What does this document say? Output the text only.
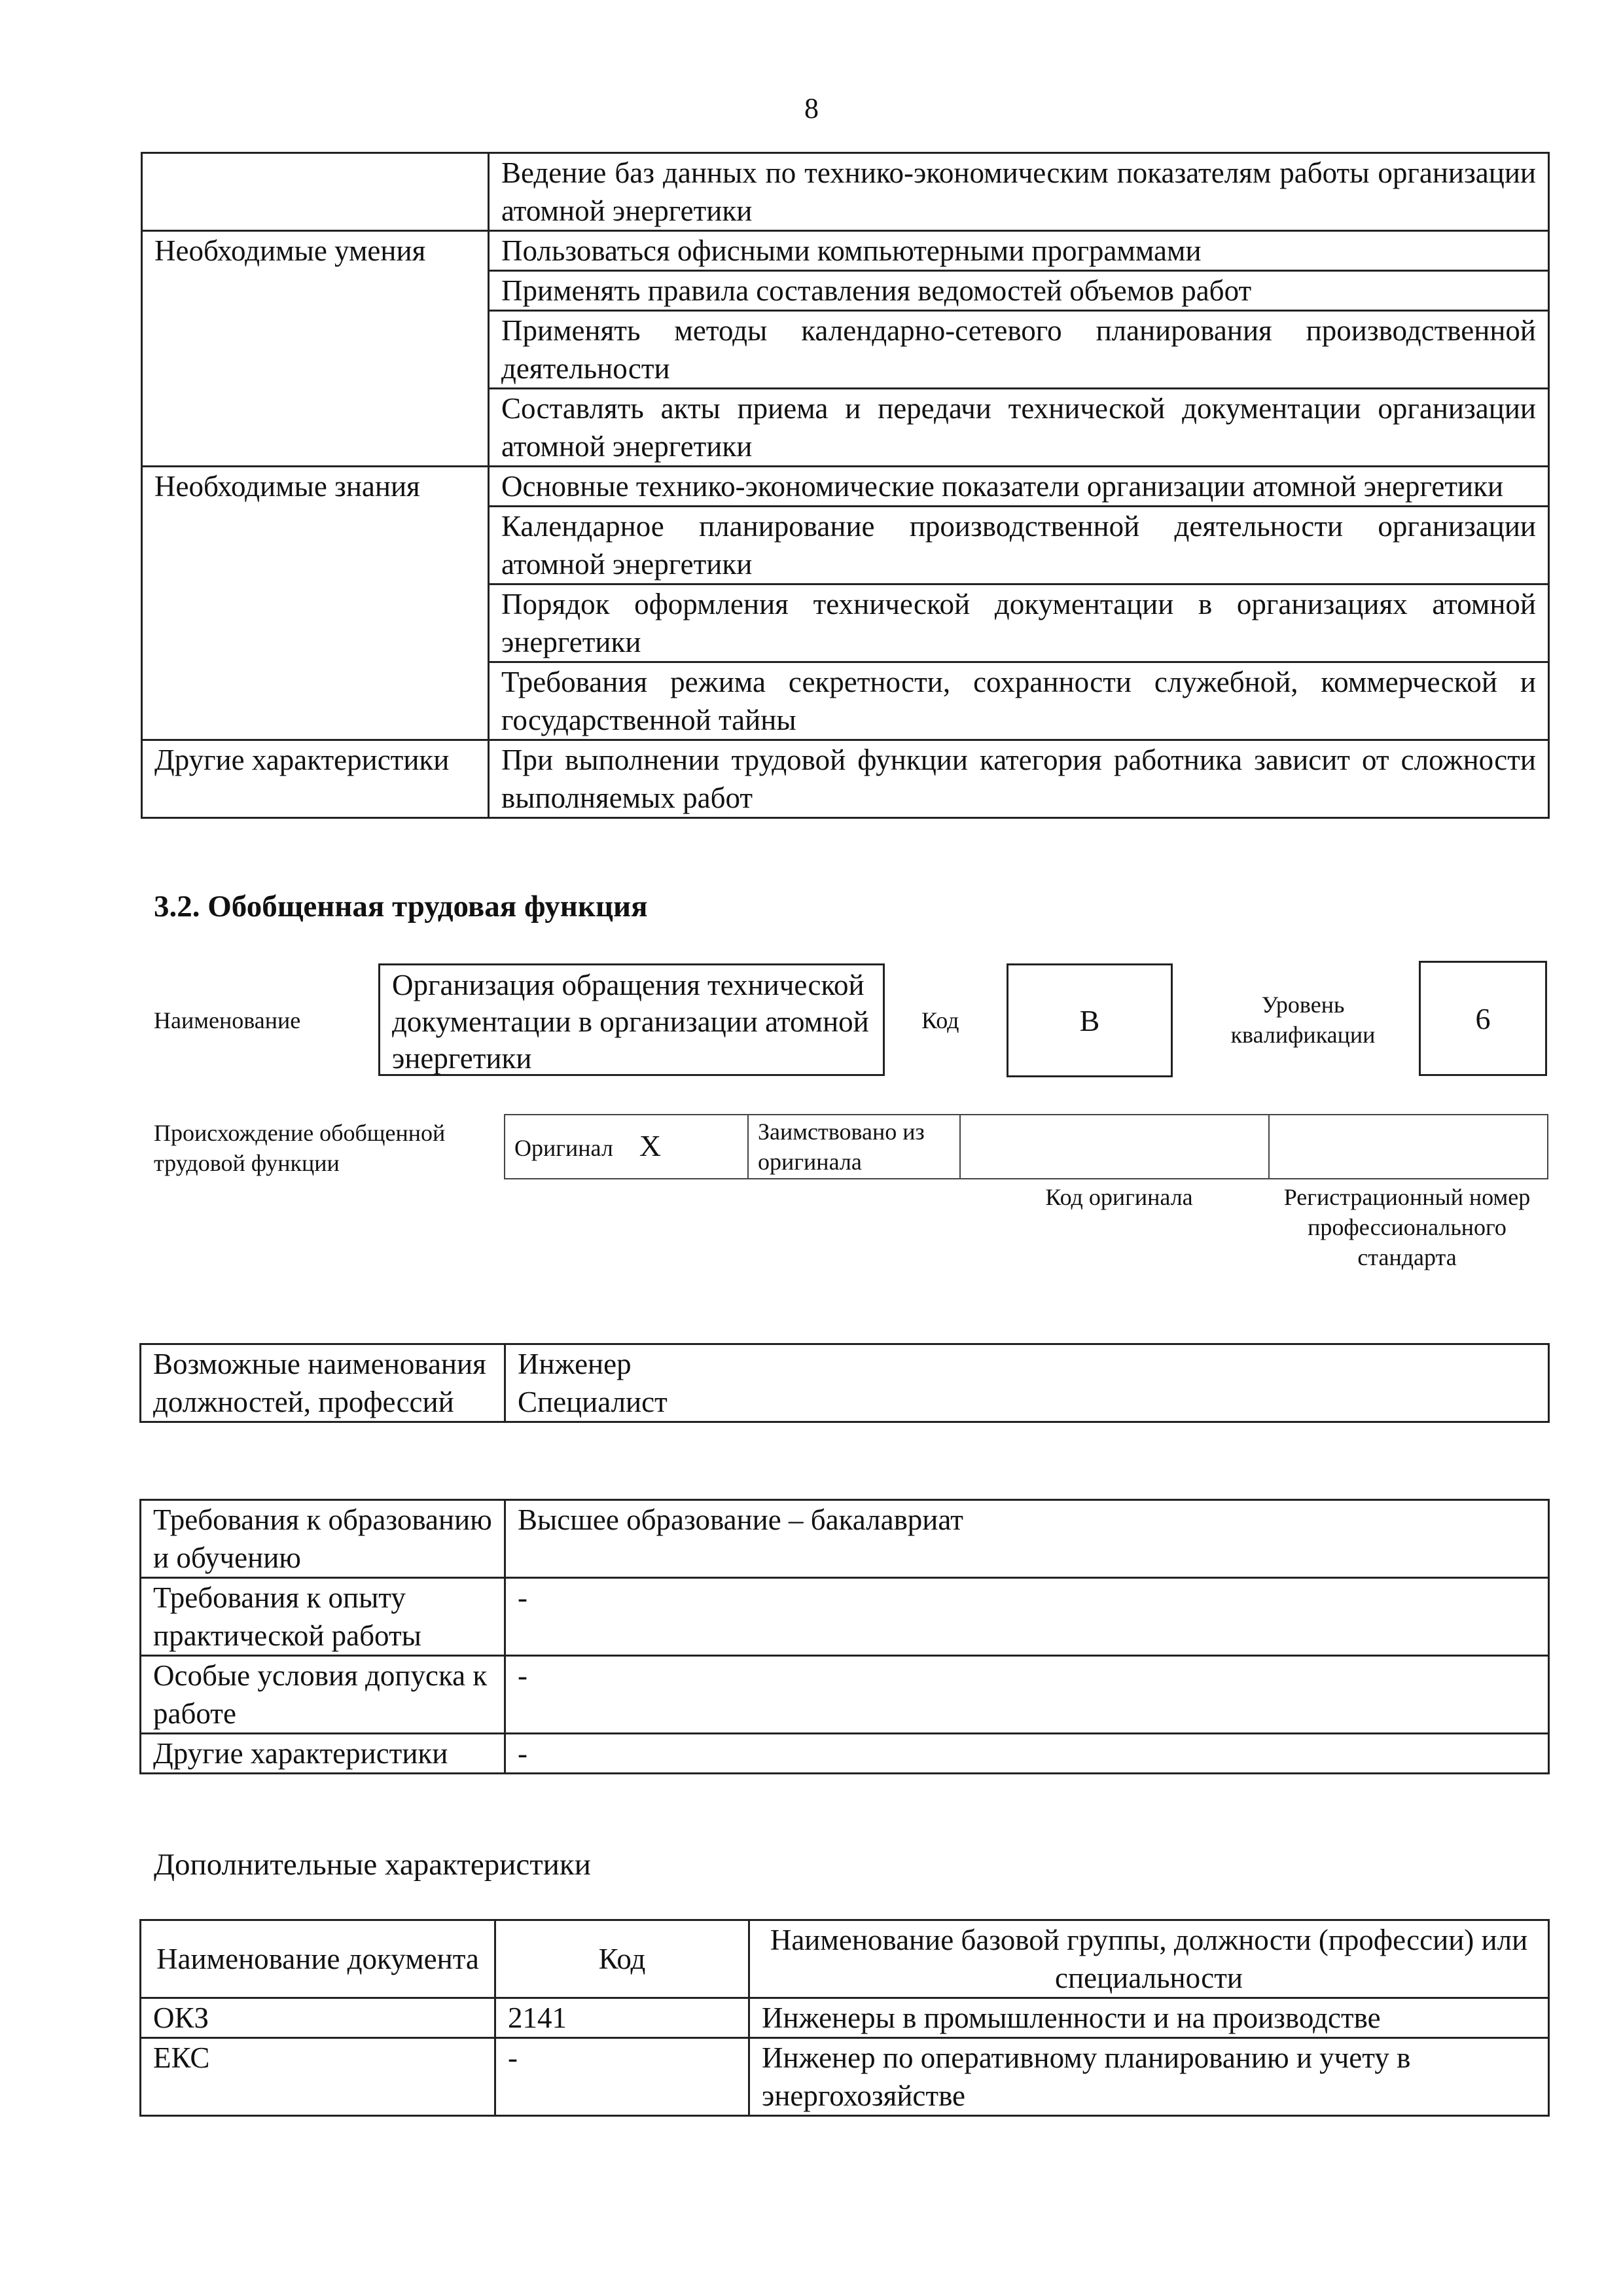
8
	Ведение баз данных по технико-экономическим показателям работы организации атомной энергетики
Необходимые умения	Пользоваться офисными компьютерными программами
	Применять правила составления ведомостей объемов работ
	Применять методы календарно-сетевого планирования производственной деятельности
	Составлять акты приема и передачи технической документации организации атомной энергетики
Необходимые знания	Основные технико-экономические показатели организации атомной энергетики
	Календарное планирование производственной деятельности организации атомной энергетики
	Порядок оформления технической документации в организациях атомной энергетики
	Требования режима секретности, сохранности служебной, коммерческой и государственной тайны
Другие характеристики	При выполнении трудовой функции категория работника зависит от сложности выполняемых работ
3.2. Обобщенная трудовая функция
Наименование
Организация обращения технической документации в организации атомной энергетики
Код	B	Уровень квалификации	6
Происхождение обобщенной трудовой функции
Оригинал X	Заимствовано из оригинала		
Код оригинала	Регистрационный номер профессионального стандарта
Возможные наименования должностей, профессий	Инженер
Специалист
Требования к образованию и обучению	Высшее образование – бакалавриат
Требования к опыту практической работы	-
Особые условия допуска к работе	-
Другие характеристики	-
Дополнительные характеристики
Наименование документа	Код	Наименование базовой группы, должности (профессии) или специальности
ОКЗ	2141	Инженеры в промышленности и на производстве
ЕКС	-	Инженер по оперативному планированию и учету в энергохозяйстве
